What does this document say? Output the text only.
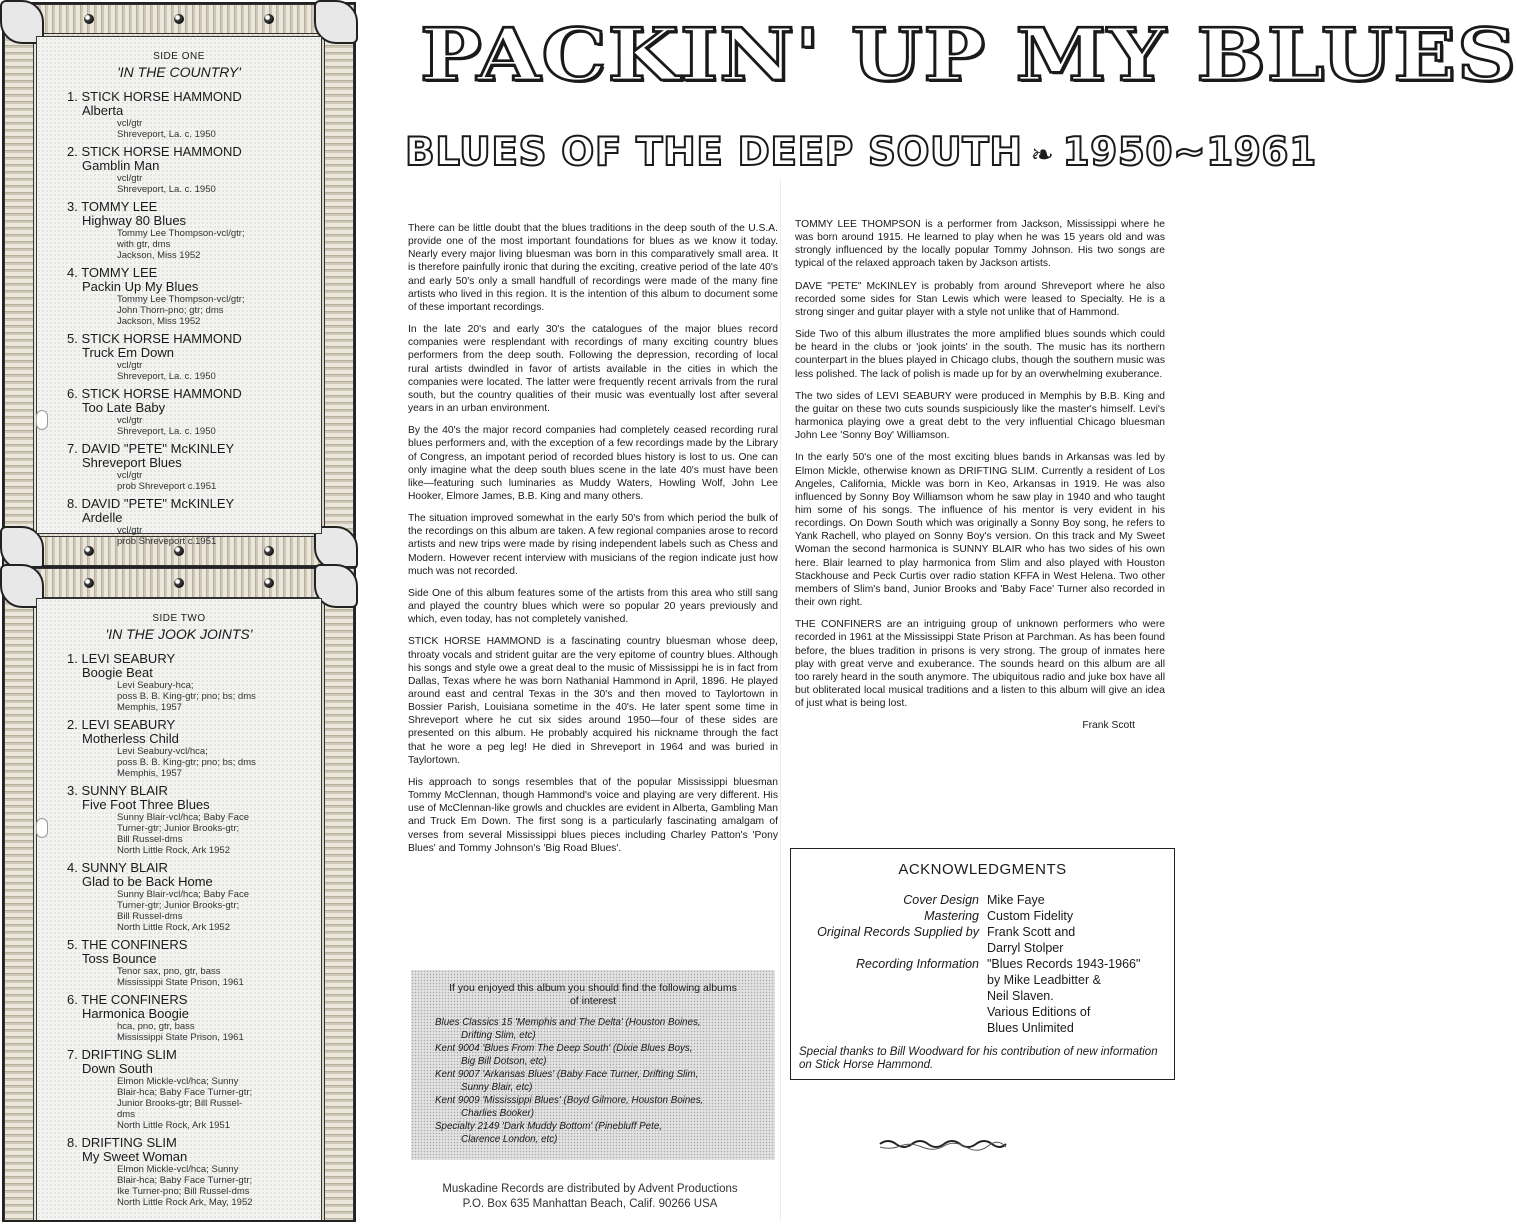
SIDE ONE
'IN THE COUNTRY'
1. STICK HORSE HAMMOND
Alberta
vcl/gtr
Shreveport, La. c. 1950
2. STICK HORSE HAMMOND
Gamblin Man
vcl/gtr
Shreveport, La. c. 1950
3. TOMMY LEE
Highway 80 Blues
Tommy Lee Thompson-vcl/gtr;
with gtr, dms
Jackson, Miss 1952
4. TOMMY LEE
Packin Up My Blues
Tommy Lee Thompson-vcl/gtr;
John Thorn-pno; gtr; dms
Jackson, Miss 1952
5. STICK HORSE HAMMOND
Truck Em Down
vcl/gtr
Shreveport, La. c. 1950
6. STICK HORSE HAMMOND
Too Late Baby
vcl/gtr
Shreveport, La. c. 1950
7. DAVID "PETE" McKINLEY
Shreveport Blues
vcl/gtr
prob Shreveport c.1951
8. DAVID "PETE" McKINLEY
Ardelle
vcl/gtr
prob Shreveport c.1951
SIDE TWO
'IN THE JOOK JOINTS'
1. LEVI SEABURY
Boogie Beat
Levi Seabury-hca;
poss B. B. King-gtr; pno; bs; dms
Memphis, 1957
2. LEVI SEABURY
Motherless Child
Levi Seabury-vcl/hca;
poss B. B. King-gtr; pno; bs; dms
Memphis, 1957
3. SUNNY BLAIR
Five Foot Three Blues
Sunny Blair-vcl/hca; Baby Face
Turner-gtr; Junior Brooks-gtr;
Bill Russel-dms
North Little Rock, Ark 1952
4. SUNNY BLAIR
Glad to be Back Home
Sunny Blair-vcl/hca; Baby Face
Turner-gtr; Junior Brooks-gtr;
Bill Russel-dms
North Little Rock, Ark 1952
5. THE CONFINERS
Toss Bounce
Tenor sax, pno, gtr, bass
Mississippi State Prison, 1961
6. THE CONFINERS
Harmonica Boogie
hca, pno, gtr, bass
Mississippi State Prison, 1961
7. DRIFTING SLIM
Down South
Elmon Mickle-vcl/hca; Sunny
Blair-hca; Baby Face Turner-gtr;
Junior Brooks-gtr; Bill Russel-
dms
North Little Rock, Ark 1951
8. DRIFTING SLIM
My Sweet Woman
Elmon Mickle-vcl/hca; Sunny
Blair-hca; Baby Face Turner-gtr;
Ike Turner-pno; Bill Russel-dms
North Little Rock Ark, May, 1952
PACKIN' UP MY BLUES
BLUES OF THE DEEP SOUTH ❧ 1950~1961

There can be little doubt that the blues traditions in the deep south of the U.S.A. provide one of the most important foundations for blues as we know it today. Nearly every major living bluesman was born in this comparatively small area. It is therefore painfully ironic that during the exciting, creative period of the late 40's and early 50's only a small handfull of recordings were made of the many fine artists who lived in this region. It is the intention of this album to document some of these important recordings.

In the late 20's and early 30's the catalogues of the major blues record companies were resplendant with recordings of many exciting country blues performers from the deep south. Following the depression, recording of local rural artists dwindled in favor of artists available in the cities in which the companies were located. The latter were frequently recent arrivals from the rural south, but the country qualities of their music was eventually lost after several years in an urban environment.

By the 40's the major record companies had completely ceased recording rural blues performers and, with the exception of a few recordings made by the Library of Congress, an impotant period of recorded blues history is lost to us. One can only imagine what the deep south blues scene in the late 40's must have been like—featuring such luminaries as Muddy Waters, Howling Wolf, John Lee Hooker, Elmore James, B.B. King and many others.

The situation improved somewhat in the early 50's from which period the bulk of the recordings on this album are taken. A few regional companies arose to record artists and new trips were made by rising independent labels such as Chess and Modern. However recent interview with musicians of the region indicate just how much was not recorded.

Side One of this album features some of the artists from this area who still sang and played the country blues which were so popular 20 years previously and which, even today, has not completely vanished.

STICK HORSE HAMMOND is a fascinating country bluesman whose deep, throaty vocals and strident guitar are the very epitome of country blues. Although his songs and style owe a great deal to the music of Mississippi he is in fact from Dallas, Texas where he was born Nathanial Hammond in April, 1896. He played around east and central Texas in the 30's and then moved to Taylortown in Bossier Parish, Louisiana sometime in the 40's. He later spent some time in Shreveport where he cut six sides around 1950—four of these sides are presented on this album. He probably acquired his nickname through the fact that he wore a peg leg! He died in Shreveport in 1964 and was buried in Taylortown.

His approach to songs resembles that of the popular Mississippi bluesman Tommy McClennan, though Hammond's voice and playing are very different. His use of McClennan-like growls and chuckles are evident in Alberta, Gambling Man and Truck Em Down. The first song is a particularly fascinating amalgam of verses from several Mississippi blues pieces including Charley Patton's 'Pony Blues' and Tommy Johnson's 'Big Road Blues'.

TOMMY LEE THOMPSON is a performer from Jackson, Mississippi where he was born around 1915. He learned to play when he was 15 years old and was strongly influenced by the locally popular Tommy Johnson. His two songs are typical of the relaxed approach taken by Jackson artists.

DAVE "PETE" McKINLEY is probably from around Shreveport where he also recorded some sides for Stan Lewis which were leased to Specialty. He is a strong singer and guitar player with a style not unlike that of Hammond.

Side Two of this album illustrates the more amplified blues sounds which could be heard in the clubs or 'jook joints' in the south. The music has its northern counterpart in the blues played in Chicago clubs, though the southern music was less polished. The lack of polish is made up for by an overwhelming exuberance.

The two sides of LEVI SEABURY were produced in Memphis by B.B. King and the guitar on these two cuts sounds suspiciously like the master's himself. Levi's harmonica playing owe a great debt to the very influential Chicago bluesman John Lee 'Sonny Boy' Williamson.

In the early 50's one of the most exciting blues bands in Arkansas was led by Elmon Mickle, otherwise known as DRIFTING SLIM. Currently a resident of Los Angeles, California, Mickle was born in Keo, Arkansas in 1919. He was also influenced by Sonny Boy Williamson whom he saw play in 1940 and who taught him some of his songs. The influence of his mentor is very evident in his recordings. On Down South which was originally a Sonny Boy song, he refers to Yank Rachell, who played on Sonny Boy's version. On this track and My Sweet Woman the second harmonica is SUNNY BLAIR who has two sides of his own here. Blair learned to play harmonica from Slim and also played with Houston Stackhouse and Peck Curtis over radio station KFFA in West Helena. Two other members of Slim's band, Junior Brooks and 'Baby Face' Turner also recorded in their own right.

THE CONFINERS are an intriguing group of unknown performers who were recorded in 1961 at the Mississippi State Prison at Parchman. As has been found before, the blues tradition in prisons is very strong. The group of inmates here play with great verve and exuberance. The sounds heard on this album are all too rarely heard in the south anymore. The ubiquitous radio and juke box have all but obliterated local musical traditions and a listen to this album will give an idea of just what is being lost.

Frank Scott

If you enjoyed this album you should find the following albums of interest
Blues Classics 15 'Memphis and The Delta' (Houston Boines,
Drifting Slim, etc)
Kent 9004 'Blues From The Deep South' (Dixie Blues Boys,
Big Bill Dotson, etc)
Kent 9007 'Arkansas Blues' (Baby Face Turner, Drifting Slim,
Sunny Blair, etc)
Kent 9009 'Mississippi Blues' (Boyd Gilmore, Houston Boines,
Charlies Booker)
Specialty 2149 'Dark Muddy Bottom' (Pinebluff Pete,
Clarence London, etc)
Muskadine Records are distributed by Advent Productions
P.O. Box 635 Manhattan Beach, Calif. 90266 USA
ACKNOWLEDGMENTS
Cover Design Mike Faye
Mastering Custom Fidelity
Original Records Supplied by Frank Scott and
Darryl Stolper
Recording Information "Blues Records 1943-1966"
by Mike Leadbitter &
Neil Slaven.
Various Editions of
Blues Unlimited
Special thanks to Bill Woodward for his contribution of new information on Stick Horse Hammond.
